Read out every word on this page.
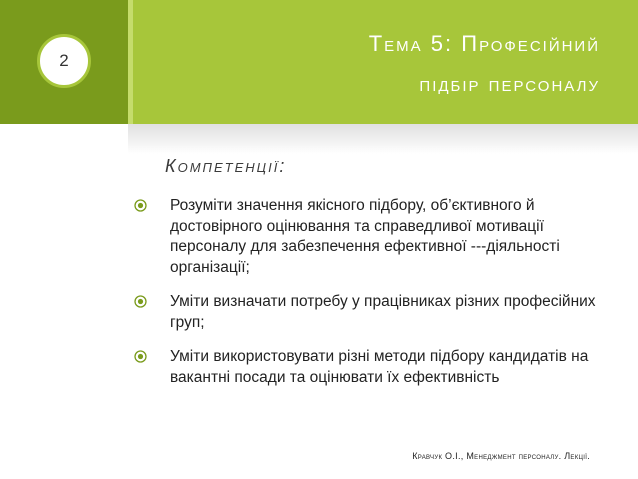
2
Тема 5: Професійний
підбір персоналу
Компетенції:
Розуміти значення якісного підбору, об’єктивного й достовірного оцінювання та справедливої мотивації персоналу для забезпечення ефективної ---діяльності організації;
Уміти визначати потребу у працівниках різних професійних груп;
Уміти використовувати різні методи підбору кандидатів на вакантні посади та оцінювати їх ефективність
Кравчук О.І., Менеджмент персоналу. Лекції.
